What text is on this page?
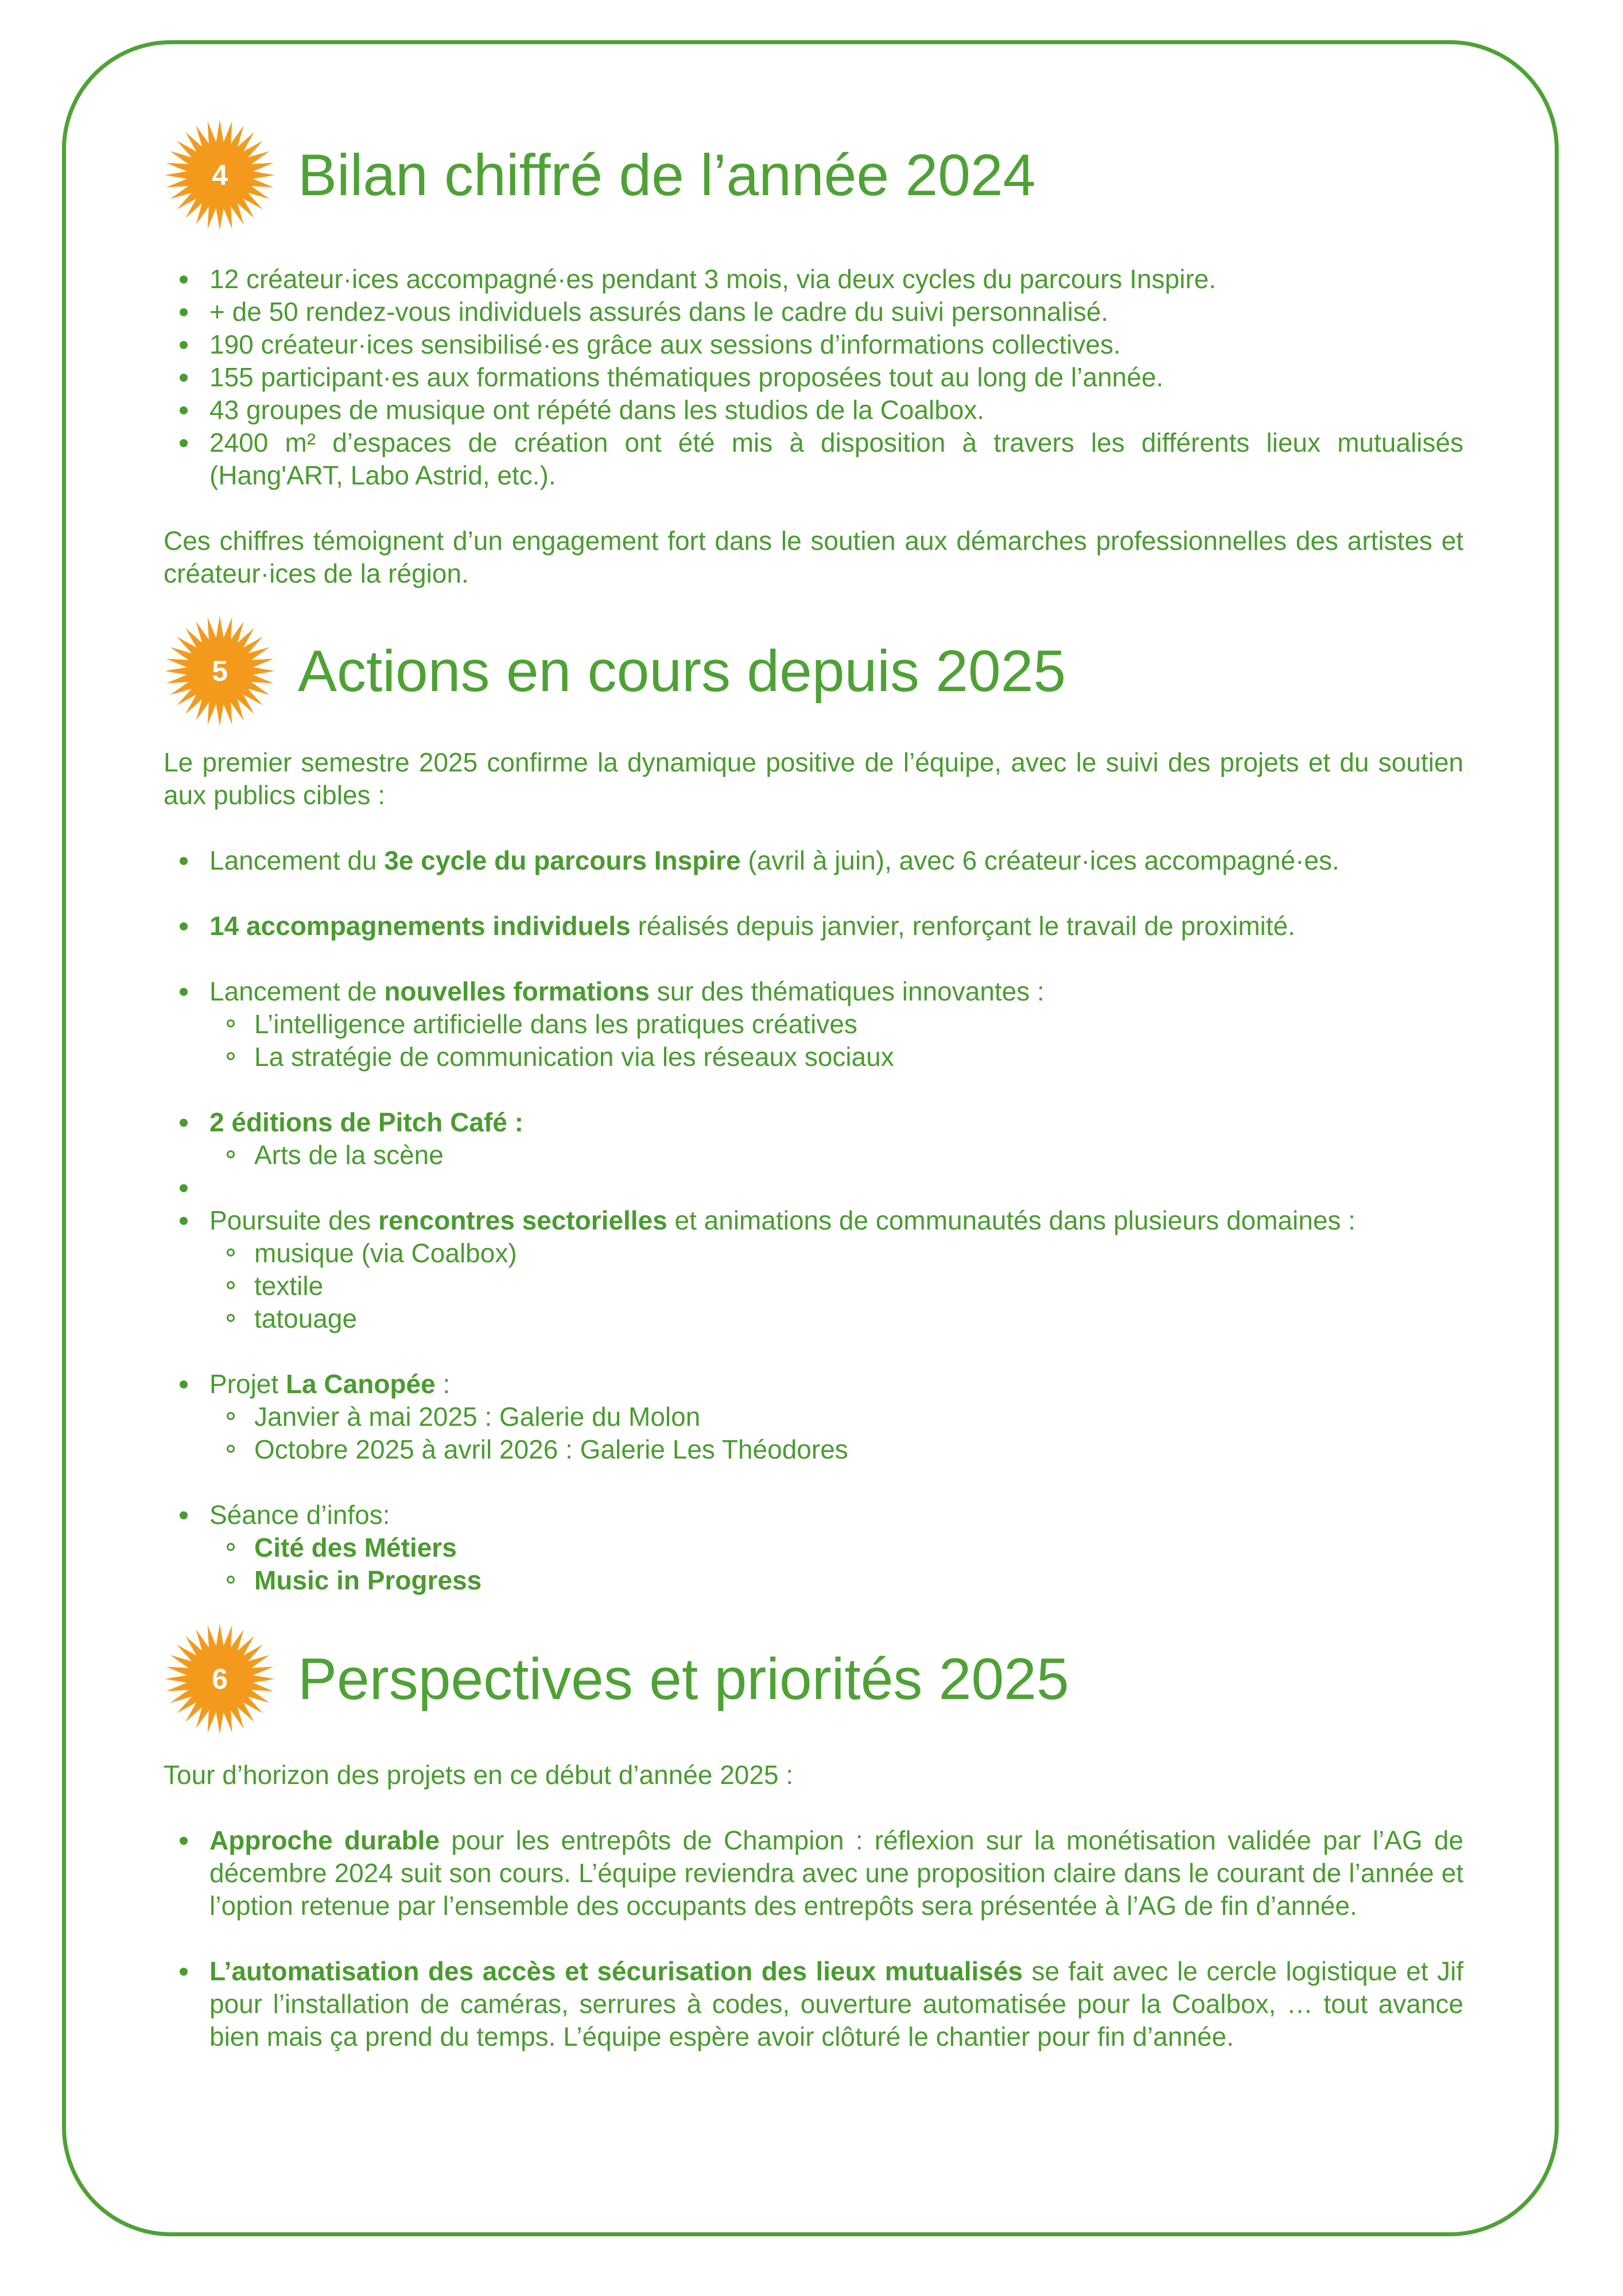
4	Bilan chiffré de l’année 2024
12 créateur·ices accompagné·es pendant 3 mois, via deux cycles du parcours Inspire.
+ de 50 rendez-vous individuels assurés dans le cadre du suivi personnalisé.
190 créateur·ices sensibilisé·es grâce aux sessions d’informations collectives.
155 participant·es aux formations thématiques proposées tout au long de l’année.
43 groupes de musique ont répété dans les studios de la Coalbox.
2400 m² d’espaces de création ont été mis à disposition à travers les différents lieux mutualisés (Hang'ART, Labo Astrid, etc.).

Ces chiffres témoignent d’un engagement fort dans le soutien aux démarches professionnelles des artistes et créateur·ices de la région.

5	Actions en cours depuis 2025

Le premier semestre 2025 confirme la dynamique positive de l’équipe, avec le suivi des projets et du soutien aux publics cibles :

Lancement du 3e cycle du parcours Inspire (avril à juin), avec 6 créateur·ices accompagné·es.
14 accompagnements individuels réalisés depuis janvier, renforçant le travail de proximité.
Lancement de nouvelles formations sur des thématiques innovantes :
L’intelligence artificielle dans les pratiques créatives
La stratégie de communication via les réseaux sociaux
2 éditions de Pitch Café :
Arts de la scène
Poursuite des rencontres sectorielles et animations de communautés dans plusieurs domaines :
musique (via Coalbox)
textile
tatouage
Projet La Canopée :
Janvier à mai 2025 : Galerie du Molon
Octobre 2025 à avril 2026 : Galerie Les Théodores
Séance d’infos:
Cité des Métiers
Music in Progress
6	Perspectives et priorités 2025

Tour d’horizon des projets en ce début d’année 2025 :

Approche durable pour les entrepôts de Champion : réflexion sur la monétisation validée par l’AG de décembre 2024 suit son cours. L’équipe reviendra avec une proposition claire dans le courant de l’année et l’option retenue par l’ensemble des occupants des entrepôts sera présentée à l’AG de fin d’année.
L’automatisation des accès et sécurisation des lieux mutualisés se fait avec le cercle logistique et Jif pour l’installation de caméras, serrures à codes, ouverture automatisée pour la Coalbox, … tout avance bien mais ça prend du temps. L’équipe espère avoir clôturé le chantier pour fin d’année.
